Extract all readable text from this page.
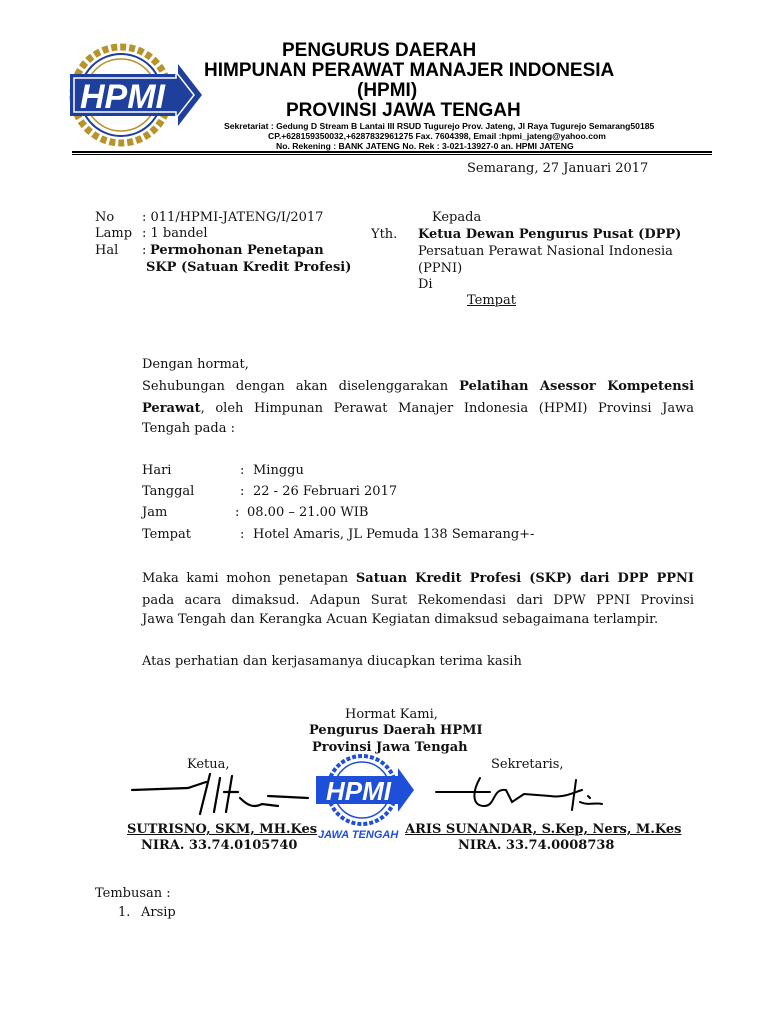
HPMI
PENGURUS DAERAH
HIMPUNAN PERAWAT MANAJER INDONESIA
(HPMI)
PROVINSI JAWA TENGAH
Sekretariat : Gedung D Stream B Lantai III RSUD Tugurejo Prov. Jateng, Jl Raya Tugurejo Semarang50185
CP.+628159350032,+6287832961275 Fax. 7604398, Email :hpmi_jateng@yahoo.com
No. Rekening : BANK JATENG No. Rek : 3-021-13927-0 an. HPMI JATENG
Semarang, 27 Januari 2017
No : 011/HPMI-JATENG/I/2017
Lamp : 1 bandel
Hal : Permohonan Penetapan
SKP (Satuan Kredit Profesi)
Kepada
Yth. Ketua Dewan Pengurus Pusat (DPP)
Persatuan Perawat Nasional Indonesia
(PPNI)
Di
Tempat
Dengan hormat,
Sehubungan dengan akan diselenggarakan Pelatihan Asessor Kompetensi
Perawat, oleh Himpunan Perawat Manajer Indonesia (HPMI) Provinsi Jawa
Tengah pada :
Hari	: Minggu
Tanggal	: 22 - 26 Februari 2017
Jam	: 08.00 – 21.00 WIB
Tempat	: Hotel Amaris, JL Pemuda 138 Semarang+-
Maka kami mohon penetapan Satuan Kredit Profesi (SKP) dari DPP PPNI
pada acara dimaksud. Adapun Surat Rekomendasi dari DPW PPNI Provinsi
Jawa Tengah dan Kerangka Acuan Kegiatan dimaksud sebagaimana terlampir.
Atas perhatian dan kerjasamanya diucapkan terima kasih
Hormat Kami,
Pengurus Daerah HPMI
Provinsi Jawa Tengah
Ketua,	Sekretaris,
HPMI
JAWA TENGAH
SUTRISNO, SKM, MH.Kes
NIRA. 33.74.0105740
ARIS SUNANDAR, S.Kep, Ners, M.Kes
NIRA. 33.74.0008738
Tembusan :
1. Arsip
